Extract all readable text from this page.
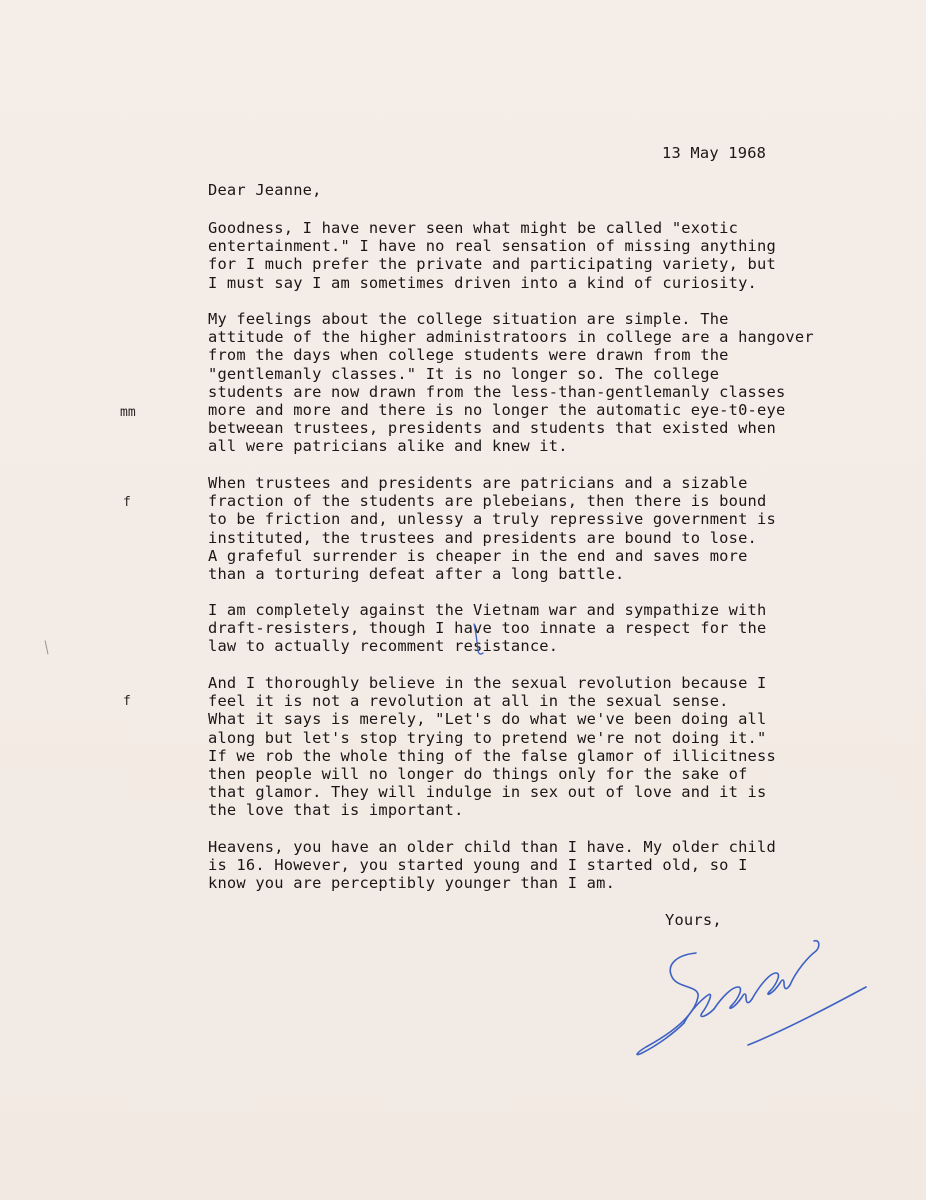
13 May 1968
Dear Jeanne,
Goodness, I have never seen what might be called "exotic
entertainment." I have no real sensation of missing anything
for I much prefer the private and participating variety, but
I must say I am sometimes driven into a kind of curiosity.
My feelings about the college situation are simple. The
attitude of the higher administratoors in college are a hangover
from the days when college students were drawn from the
"gentlemanly classes." It is no longer so. The college
students are now drawn from the less-than-gentlemanly classes
more and more and there is no longer the automatic eye-t0-eye
betweean trustees, presidents and students that existed when
all were patricians alike and knew it.
When trustees and presidents are patricians and a sizable
fraction of the students are plebeians, then there is bound
to be friction and, unlessy a truly repressive government is
instituted, the trustees and presidents are bound to lose.
A grafeful surrender is cheaper in the end and saves more
than a torturing defeat after a long battle.
I am completely against the Vietnam war and sympathize with
draft-resisters, though I have too innate a respect for the
law to actually recomment resistance.
And I thoroughly believe in the sexual revolution because I
feel it is not a revolution at all in the sexual sense.
What it says is merely, "Let's do what we've been doing all
along but let's stop trying to pretend we're not doing it."
If we rob the whole thing of the false glamor of illicitness
then people will no longer do things only for the sake of
that glamor. They will indulge in sex out of love and it is
the love that is important.
Heavens, you have an older child than I have. My older child
is 16. However, you started young and I started old, so I
know you are perceptibly younger than I am.
mm
f
f
Yours,
